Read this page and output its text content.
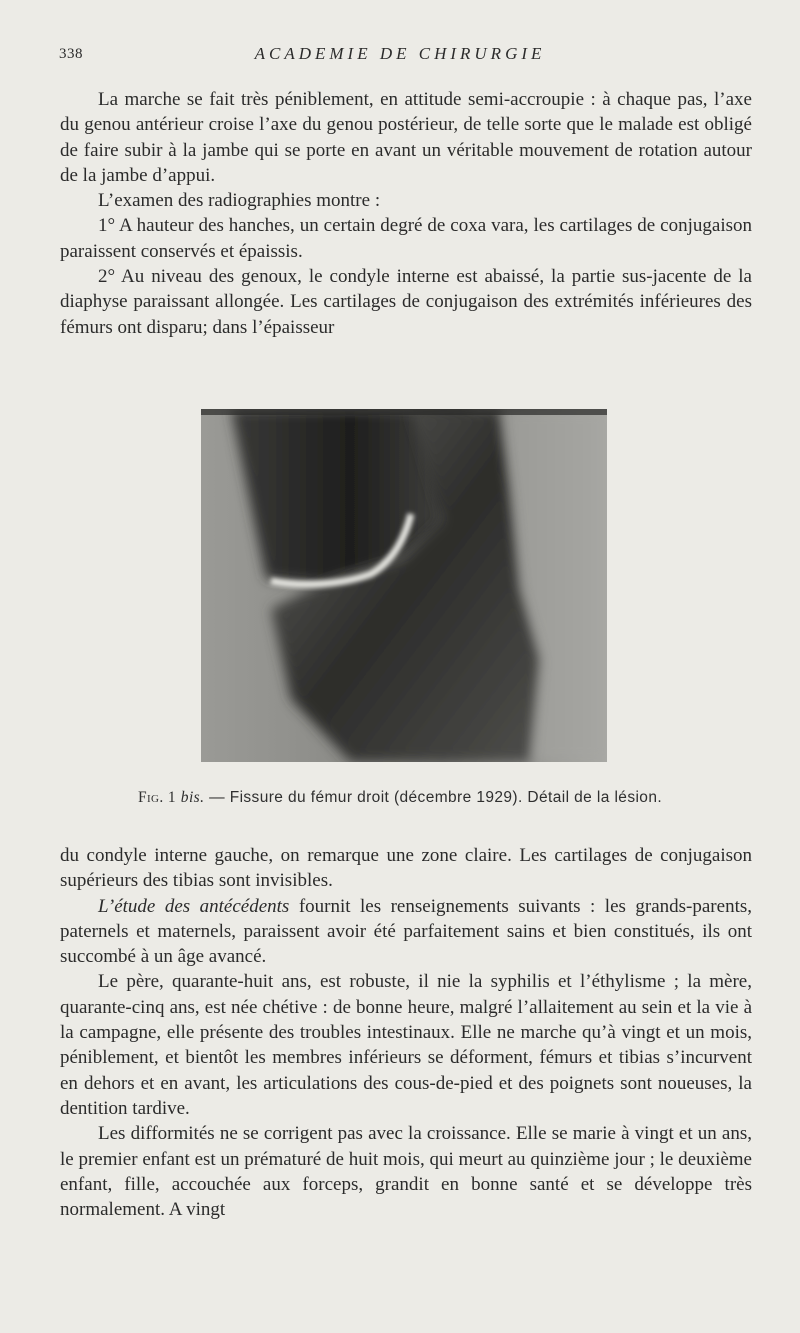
338	ACADEMIE DE CHIRURGIE

La marche se fait très péniblement, en attitude semi-accroupie : à chaque pas, l’axe du genou antérieur croise l’axe du genou postérieur, de telle sorte que le malade est obligé de faire subir à la jambe qui se porte en avant un véritable mouvement de rotation autour de la jambe d’appui.

L’examen des radiographies montre :

1° A hauteur des hanches, un certain degré de coxa vara, les cartilages de conjugaison paraissent conservés et épaissis.

2° Au niveau des genoux, le condyle interne est abaissé, la partie sus-jacente de la diaphyse paraissant allongée. Les cartilages de conjugaison des extrémités inférieures des fémurs ont disparu; dans l’épaisseur

Fig. 1 bis. — Fissure du fémur droit (décembre 1929). Détail de la lésion.

du condyle interne gauche, on remarque une zone claire. Les cartilages de conjugaison supérieurs des tibias sont invisibles.

L’étude des antécédents fournit les renseignements suivants : les grands-parents, paternels et maternels, paraissent avoir été parfaitement sains et bien constitués, ils ont succombé à un âge avancé.

Le père, quarante-huit ans, est robuste, il nie la syphilis et l’éthylisme ; la mère, quarante-cinq ans, est née chétive : de bonne heure, malgré l’allaitement au sein et la vie à la campagne, elle présente des troubles intestinaux. Elle ne marche qu’à vingt et un mois, péniblement, et bientôt les membres inférieurs se déforment, fémurs et tibias s’incurvent en dehors et en avant, les articulations des cous-de-pied et des poignets sont noueuses, la dentition tardive.

Les difformités ne se corrigent pas avec la croissance. Elle se marie à vingt et un ans, le premier enfant est un prématuré de huit mois, qui meurt au quinzième jour ; le deuxième enfant, fille, accouchée aux forceps, grandit en bonne santé et se développe très normalement. A vingt
